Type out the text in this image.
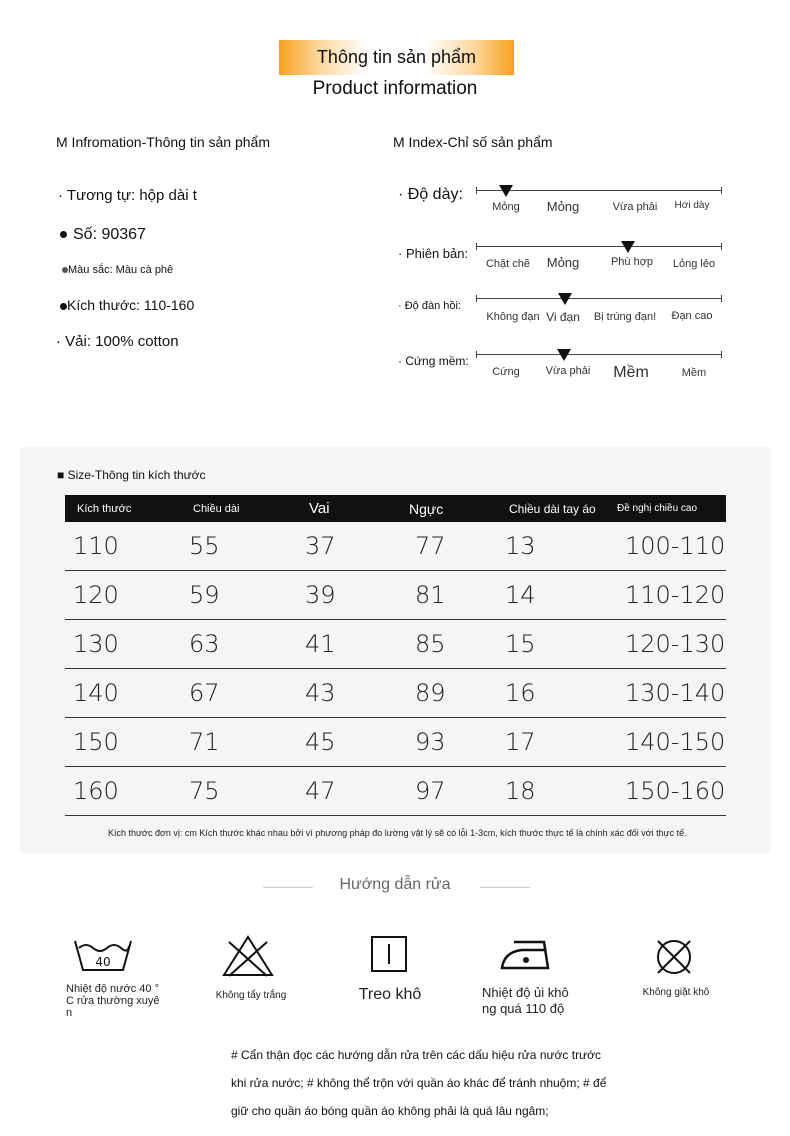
Thông tin sản phẩm
Product information
M Infromation-Thông tin sản phẩm
· Tương tự: hộp dài t
Số: 90367
Màu sắc: Màu cà phê
Kích thước: 110-160
· Vải: 100% cotton
M Index-Chỉ số sản phẩm
· Độ dày:
Mỏng	Mỏng	Vừa phải	Hơi dày
· Phiên bản:
Chặt chẽ	Mỏng	Phù hợp	Lỏng lẻo
· Độ đàn hồi:
Không đạn Vi đạn	Bị trúng đạn!	Đạn cao
· Cứng mềm:
Cứng	Vừa phải	Mềm	Mềm
■ Size-Thông tin kích thước
Kích thước	Chiều dài	Vai	Ngực	Chiều dài tay áo	Đề nghị chiều cao
110	55	37	77	13	100-110
120	59	39	81	14	110-120
130	63	41	85	15	120-130
140	67	43	89	16	130-140
150	71	45	93	17	140-150
160	75	47	97	18	150-160
Kích thước đơn vị: cm Kích thước khác nhau bởi vì phương pháp đo lường vật lý sẽ có lỗi 1-3cm, kích thước thực tế là chính xác đối với thực tế.
Hướng dẫn rửa
40
Nhiệt độ nước 40 °
C rửa thường xuyê
n
Không tẩy trắng	Treo khô	Nhiệt độ ủi khô
ng quá 110 độ
Không giặt khô
# Cẩn thận đọc các hướng dẫn rửa trên các dấu hiệu rửa nước trước
khi rửa nước; # không thể trộn với quần áo khác để tránh nhuộm; # để
giữ cho quần áo bóng quần áo không phải là quá lâu ngâm;
